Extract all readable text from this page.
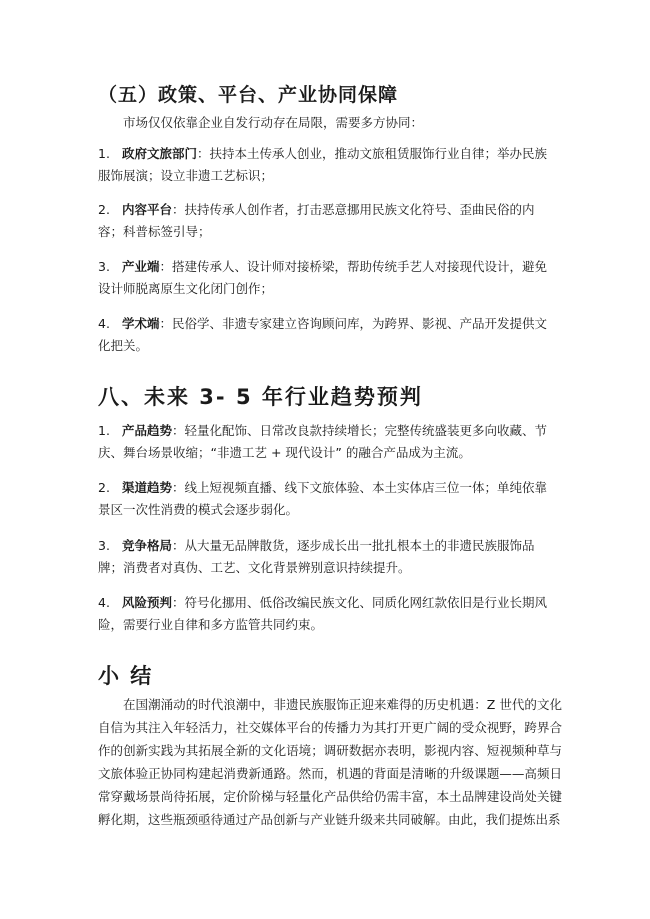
（五）政策、平台、产业协同保障

市场仅仅依靠企业自发行动存在局限，需要多方协同：

1. 政府文旅部门：扶持本土传承人创业，推动文旅租赁服饰行业自律；举办民族服饰展演；设立非遗工艺标识；

2. 内容平台：扶持传承人创作者，打击恶意挪用民族文化符号、歪曲民俗的内容；科普标签引导；

3. 产业端：搭建传承人、设计师对接桥梁，帮助传统手艺人对接现代设计，避免设计师脱离原生文化闭门创作；

4. 学术端：民俗学、非遗专家建立咨询顾问库，为跨界、影视、产品开发提供文化把关。

八、未来 3- 5 年行业趋势预判

1. 产品趋势：轻量化配饰、日常改良款持续增长；完整传统盛装更多向收藏、节庆、舞台场景收缩；“非遗工艺 + 现代设计” 的融合产品成为主流。

2. 渠道趋势：线上短视频直播、线下文旅体验、本土实体店三位一体；单纯依靠景区一次性消费的模式会逐步弱化。

3. 竞争格局：从大量无品牌散货，逐步成长出一批扎根本土的非遗民族服饰品牌；消费者对真伪、工艺、文化背景辨别意识持续提升。

4. 风险预判：符号化挪用、低俗改编民族文化、同质化网红款依旧是行业长期风险，需要行业自律和多方监管共同约束。

小 结

在国潮涌动的时代浪潮中，非遗民族服饰正迎来难得的历史机遇：Z 世代的文化自信为其注入年轻活力，社交媒体平台的传播力为其打开更广阔的受众视野，跨界合作的创新实践为其拓展全新的文化语境；调研数据亦表明，影视内容、短视频种草与文旅体验正协同构建起消费新通路。然而，机遇的背面是清晰的升级课题——高频日常穿戴场景尚待拓展，定价阶梯与轻量化产品供给仍需丰富，本土品牌建设尚处关键孵化期，这些瓶颈亟待通过产品创新与产业链升级来共同破解。由此，我们提炼出系
